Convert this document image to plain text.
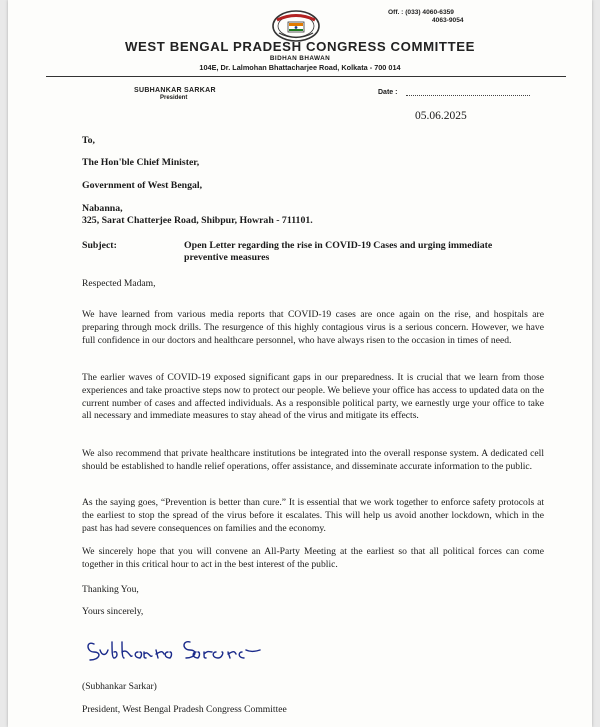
Off. : (033) 4060-6359
4063-9054
WEST BENGAL PRADESH CONGRESS COMMITTEE
BIDHAN BHAWAN
104E, Dr. Lalmohan Bhattacharjee Road, Kolkata - 700 014
SUBHANKAR SARKAR
President
Date :
05.06.2025
To,
The Hon'ble Chief Minister,
Government of West Bengal,
Nabanna,
325, Sarat Chatterjee Road, Shibpur, Howrah - 711101.
Subject:	Open Letter regarding the rise in COVID-19 Cases and urging immediate
preventive measures
Respected Madam,
We have learned from various media reports that COVID-19 cases are once again on the rise, and hospitals are preparing through mock drills. The resurgence of this highly contagious virus is a serious concern. However, we have full confidence in our doctors and healthcare personnel, who have always risen to the occasion in times of need.
The earlier waves of COVID-19 exposed significant gaps in our preparedness. It is crucial that we learn from those experiences and take proactive steps now to protect our people. We believe your office has access to updated data on the current number of cases and affected individuals. As a responsible political party, we earnestly urge your office to take all necessary and immediate measures to stay ahead of the virus and mitigate its effects.
We also recommend that private healthcare institutions be integrated into the overall response system. A dedicated cell should be established to handle relief operations, offer assistance, and disseminate accurate information to the public.
As the saying goes, “Prevention is better than cure.” It is essential that we work together to enforce safety protocols at the earliest to stop the spread of the virus before it escalates. This will help us avoid another lockdown, which in the past has had severe consequences on families and the economy.
We sincerely hope that you will convene an All-Party Meeting at the earliest so that all political forces can come together in this critical hour to act in the best interest of the public.
Thanking You,
Yours sincerely,
(Subhankar Sarkar)
President, West Bengal Pradesh Congress Committee
